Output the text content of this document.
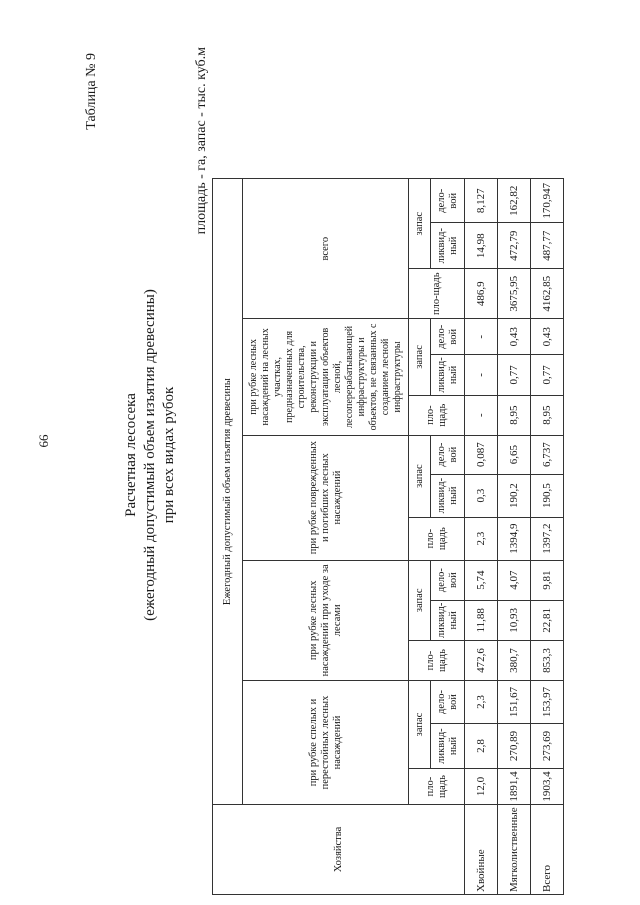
66
Таблица № 9
Расчетная лесосека (ежегодный допустимый объем изъятия древесины) при всех видах рубок
площадь - га, запас - тыс. куб.м
Хозяйства	Ежегодный допустимый объем изъятия древесины														
	при рубке спелых и перестойных лесных насаждений			при рубке лесных насаждений при уходе за лесами			при рубке поврежденных и погибших лесных насаждений			при рубке лесных насаждений на лесных участках, предназначенных для строительства, реконструкции и эксплуатации объектов лесной, лесоперерабатывающей инфраструктуры и объектов, не связанных с созданием лесной инфраструктуры			всего		
	пло-щадь	запас		пло-щадь	запас		пло-щадь	запас		пло-щадь	запас		пло-щадь	запас	
		ликвид-ный	дело-вой		ликвид-ный	дело-вой		ликвид-ный	дело-вой		ликвид-ный	дело-вой		ликвид-ный	дело-вой
Хвойные	12,0	2,8	2,3	472,6	11,88	5,74	2,3	0,3	0,087	-	-	-	486,9	14,98	8,127
Мягколиственные	1891,4	270,89	151,67	380,7	10,93	4,07	1394,9	190,2	6,65	8,95	0,77	0,43	3675,95	472,79	162,82
Всего	1903,4	273,69	153,97	853,3	22,81	9,81	1397,2	190,5	6,737	8,95	0,77	0,43	4162,85	487,77	170,947
